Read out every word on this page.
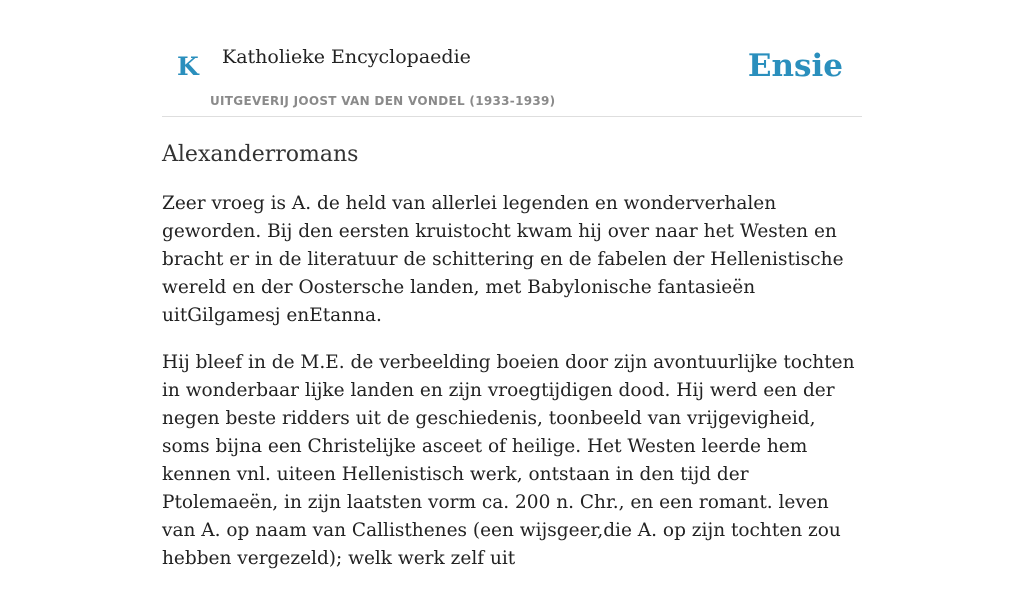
K Katholieke Encyclopaedie
UITGEVERIJ JOOST VAN DEN VONDEL (1933-1939)
Ensie
Alexanderromans

Zeer vroeg is A. de held van allerlei legenden en wonderverhalen geworden. Bij den eersten kruistocht kwam hij over naar het Westen en bracht er in de literatuur de schittering en de fabelen der Hellenistische wereld en der Oostersche landen, met Babylonische fantasieën uitGilgamesj enEtanna.

Hij bleef in de M.E. de verbeelding boeien door zijn avontuurlijke tochten in wonderbaar lijke landen en zijn vroegtijdigen dood. Hij werd een der negen beste ridders uit de geschiedenis, toonbeeld van vrijgevigheid, soms bijna een Christelijke asceet of heilige. Het Westen leerde hem kennen vnl. uiteen Hellenistisch werk, ontstaan in den tijd der Ptolemaeën, in zijn laatsten vorm ca. 200 n. Chr., en een romant. leven van A. op naam van Callisthenes (een wijsgeer,die A. op zijn tochten zou hebben vergezeld); welk werk zelf uit
